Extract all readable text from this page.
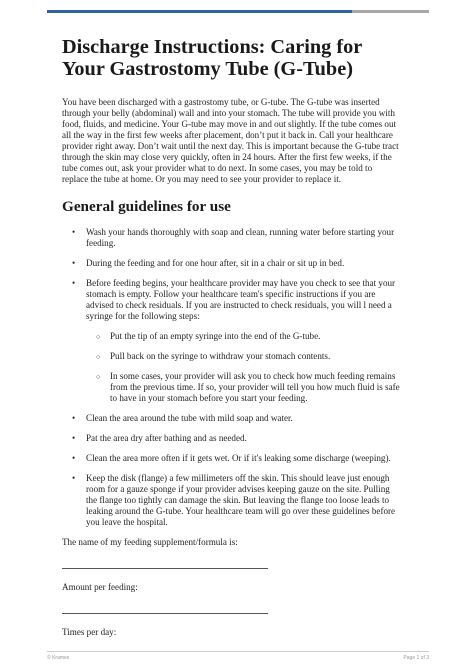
Discharge Instructions: Caring for Your Gastrostomy Tube (G-Tube)

You have been discharged with a gastrostomy tube, or G-tube. The G-tube was inserted through your belly (abdominal) wall and into your stomach. The tube will provide you with food, fluids, and medicine. Your G-tube may move in and out slightly. If the tube comes out all the way in the first few weeks after placement, don’t put it back in. Call your healthcare provider right away. Don’t wait until the next day. This is important because the G-tube tract through the skin may close very quickly, often in 24 hours. After the first few weeks, if the tube comes out, ask your provider what to do next. In some cases, you may be told to replace the tube at home. Or you may need to see your provider to replace it.

General guidelines for use
• Wash your hands thoroughly with soap and clean, running water before starting your feeding.
• During the feeding and for one hour after, sit in a chair or sit up in bed.
• Before feeding begins, your healthcare provider may have you check to see that your stomach is empty. Follow your healthcare team's specific instructions if you are advised to check residuals. If you are instructed to check residuals, you will l need a syringe for the following steps:
○ Put the tip of an empty syringe into the end of the G-tube.
○ Pull back on the syringe to withdraw your stomach contents.
○ In some cases, your provider will ask you to check how much feeding remains from the previous time. If so, your provider will tell you how much fluid is safe to have in your stomach before you start your feeding.
• Clean the area around the tube with mild soap and water.
• Pat the area dry after bathing and as needed.
• Clean the area more often if it gets wet. Or if it's leaking some discharge (weeping).
• Keep the disk (flange) a few millimeters off the skin. This should leave just enough room for a gauze sponge if your provider advises keeping gauze on the site. Pulling the flange too tightly can damage the skin. But leaving the flange too loose leads to leaking around the G-tube. Your healthcare team will go over these guidelines before you leave the hospital.
The name of my feeding supplement/formula is:
Amount per feeding:
Times per day:
© Krames	Page 1 of 3
